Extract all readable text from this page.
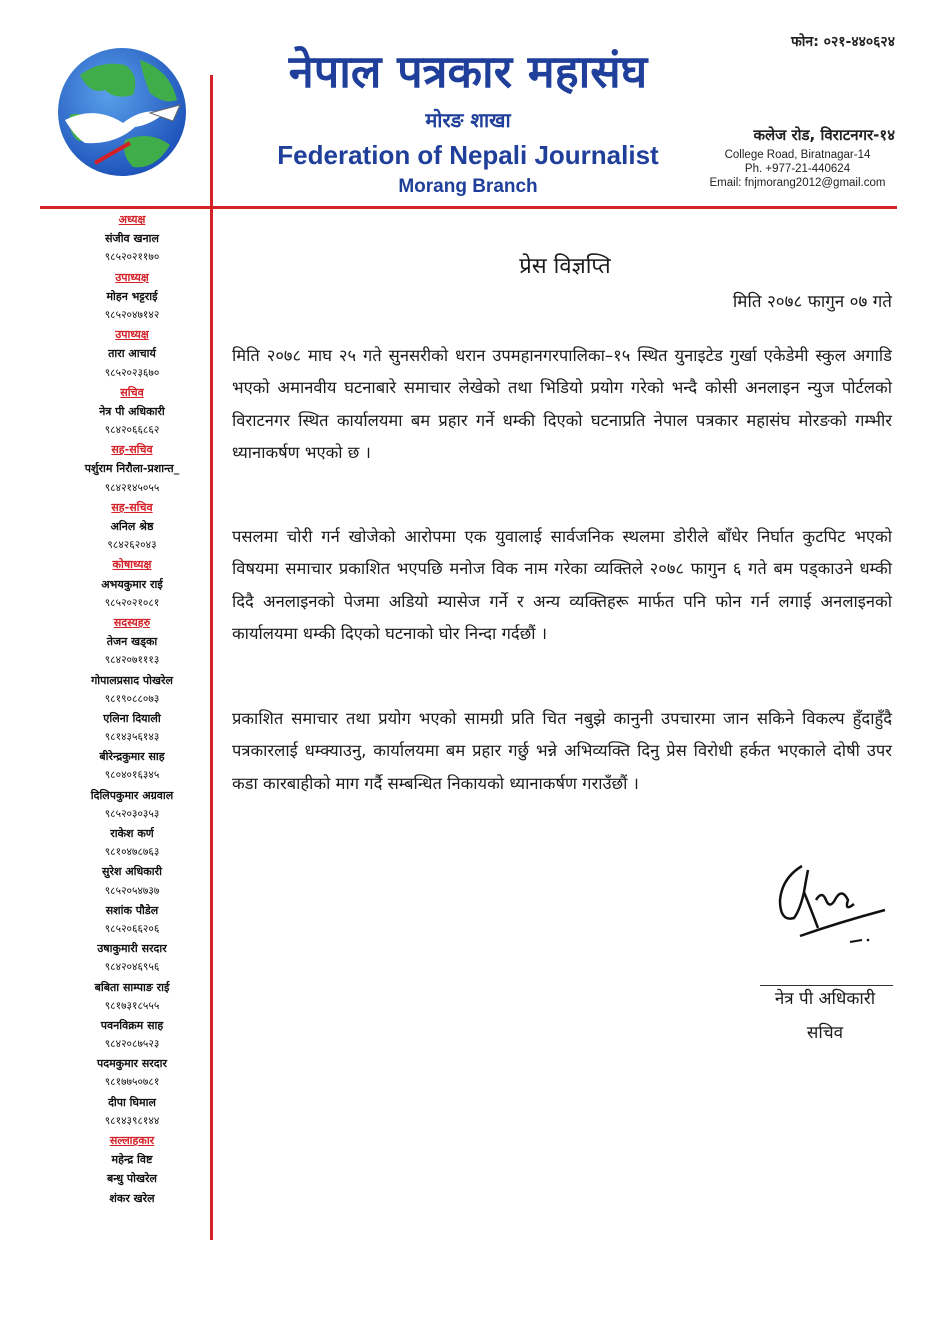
नेपाल पत्रकार महासंघ
मोरङ शाखा
Federation of Nepali Journalist
Morang Branch
फोन: ०२१-४४०६२४
कलेज रोड, विराटनगर-१४
College Road, Biratnagar-14
Ph. +977-21-440624
Email: fnjmorang2012@gmail.com
अध्यक्ष
संजीव खनाल
९८५२०२११७०
उपाध्यक्ष
मोहन भट्टराई
९८५२०४७१४२
उपाध्यक्ष
तारा आचार्य
९८५२०२३६७०
सचिव
नेत्र पी अधिकारी
९८४२०६६८६२
सह-सचिव
पर्शुराम निरौला-प्रशान्त_
९८४२१४५०५५
सह-सचिव
अनिल श्रेष्ठ
९८४२६२०४३
कोषाध्यक्ष
अभयकुमार राई
९८५२०२१०८१
सदस्यहरु
तेजन खड्का
९८४२०७१११३
गोपालप्रसाद पोखरेल
९८१९०८८०७३
एलिना दियाली
९८१४३५६१४३
बीरेन्द्रकुमार साह
९८०४०१६३४५
दिलिपकुमार अग्रवाल
९८५२०३०३५३
राकेश कर्ण
९८१०४७८७६३
सुरेश अधिकारी
९८५२०५४७३७
सशांक पौडेल
९८५२०६६२०६
उषाकुमारी सरदार
९८४२०४६९५६
बबिता साम्पाङ राई
९८१७३१८५५५
पवनविक्रम साह
९८४२०८७५२३
पदमकुमार सरदार
९८१७७५०७८१
दीपा घिमाल
९८१४३९८१४४
सल्लाहकार
महेन्द्र विष्ट
बन्धु पोखरेल
शंकर खरेल
प्रेस विज्ञप्ति
मिति २०७८ फागुन ०७ गते
मिति २०७८ माघ २५ गते सुनसरीको धरान उपमहानगरपालिका–१५ स्थित युनाइटेड गुर्खा एकेडेमी स्कुल अगाडि भएको अमानवीय घटनाबारे समाचार लेखेको तथा भिडियो प्रयोग गरेको भन्दै कोसी अनलाइन न्युज पोर्टलको विराटनगर स्थित कार्यालयमा बम प्रहार गर्ने धम्की दिएको घटनाप्रति नेपाल पत्रकार महासंघ मोरङको गम्भीर ध्यानाकर्षण भएको छ ।
पसलमा चोरी गर्न खोजेको आरोपमा एक युवालाई सार्वजनिक स्थलमा डोरीले बाँधेर निर्घात कुटपिट भएको विषयमा समाचार प्रकाशित भएपछि मनोज विक नाम गरेका व्यक्तिले २०७८ फागुन ६ गते बम पड्काउने धम्की दिदै अनलाइनको पेजमा अडियो म्यासेज गर्ने र अन्य व्यक्तिहरू मार्फत पनि फोन गर्न लगाई अनलाइनको कार्यालयमा धम्की दिएको घटनाको घोर निन्दा गर्दछौं ।
प्रकाशित समाचार तथा प्रयोग भएको सामग्री प्रति चित नबुझे कानुनी उपचारमा जान सकिने विकल्प हुँदाहुँदै पत्रकारलाई धम्क्याउनु, कार्यालयमा बम प्रहार गर्छु भन्ने अभिव्यक्ति दिनु प्रेस विरोधी हर्कत भएकाले दोषी उपर कडा कारबाहीको माग गर्दै सम्बन्धित निकायको ध्यानाकर्षण गराउँछौं ।
नेत्र पी अधिकारी
सचिव
